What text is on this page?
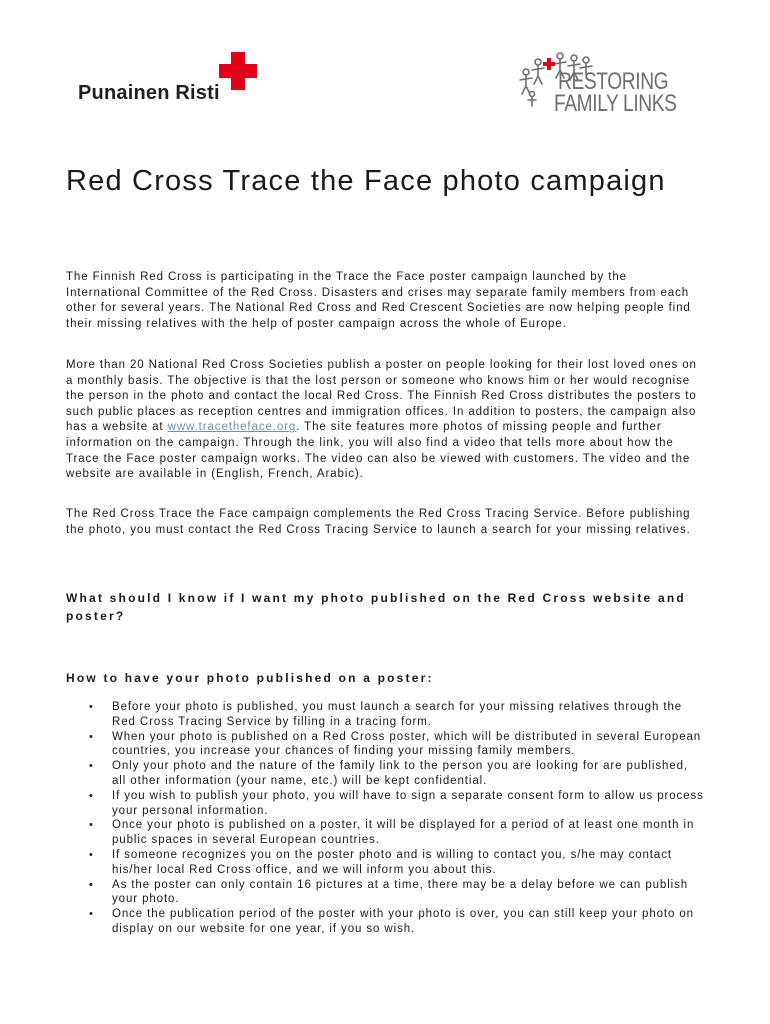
Punainen Risti	RESTORING
FAMILY LINKS
Red Cross Trace the Face photo campaign

The Finnish Red Cross is participating in the Trace the Face poster campaign launched by the International Committee of the Red Cross. Disasters and crises may separate family members from each other for several years. The National Red Cross and Red Crescent Societies are now helping people find their missing relatives with the help of poster campaign across the whole of Europe.

More than 20 National Red Cross Societies publish a poster on people looking for their lost loved ones on a monthly basis. The objective is that the lost person or someone who knows him or her would recognise the person in the photo and contact the local Red Cross. The Finnish Red Cross distributes the posters to such public places as reception centres and immigration offices. In addition to posters, the campaign also has a website at www.tracetheface.org. The site features more photos of missing people and further information on the campaign. Through the link, you will also find a video that tells more about how the Trace the Face poster campaign works. The video can also be viewed with customers. The video and the website are available in (English, French, Arabic).

The Red Cross Trace the Face campaign complements the Red Cross Tracing Service. Before publishing the photo, you must contact the Red Cross Tracing Service to launch a search for your missing relatives.

What should I know if I want my photo published on the Red Cross website and poster?
How to have your photo published on a poster:
• Before your photo is published, you must launch a search for your missing relatives through the Red Cross Tracing Service by filling in a tracing form.
• When your photo is published on a Red Cross poster, which will be distributed in several European countries, you increase your chances of finding your missing family members.
• Only your photo and the nature of the family link to the person you are looking for are published, all other information (your name, etc.) will be kept confidential.
• If you wish to publish your photo, you will have to sign a separate consent form to allow us process your personal information.
• Once your photo is published on a poster, it will be displayed for a period of at least one month in public spaces in several European countries.
• If someone recognizes you on the poster photo and is willing to contact you, s/he may contact his/her local Red Cross office, and we will inform you about this.
• As the poster can only contain 16 pictures at a time, there may be a delay before we can publish your photo.
• Once the publication period of the poster with your photo is over, you can still keep your photo on display on our website for one year, if you so wish.
